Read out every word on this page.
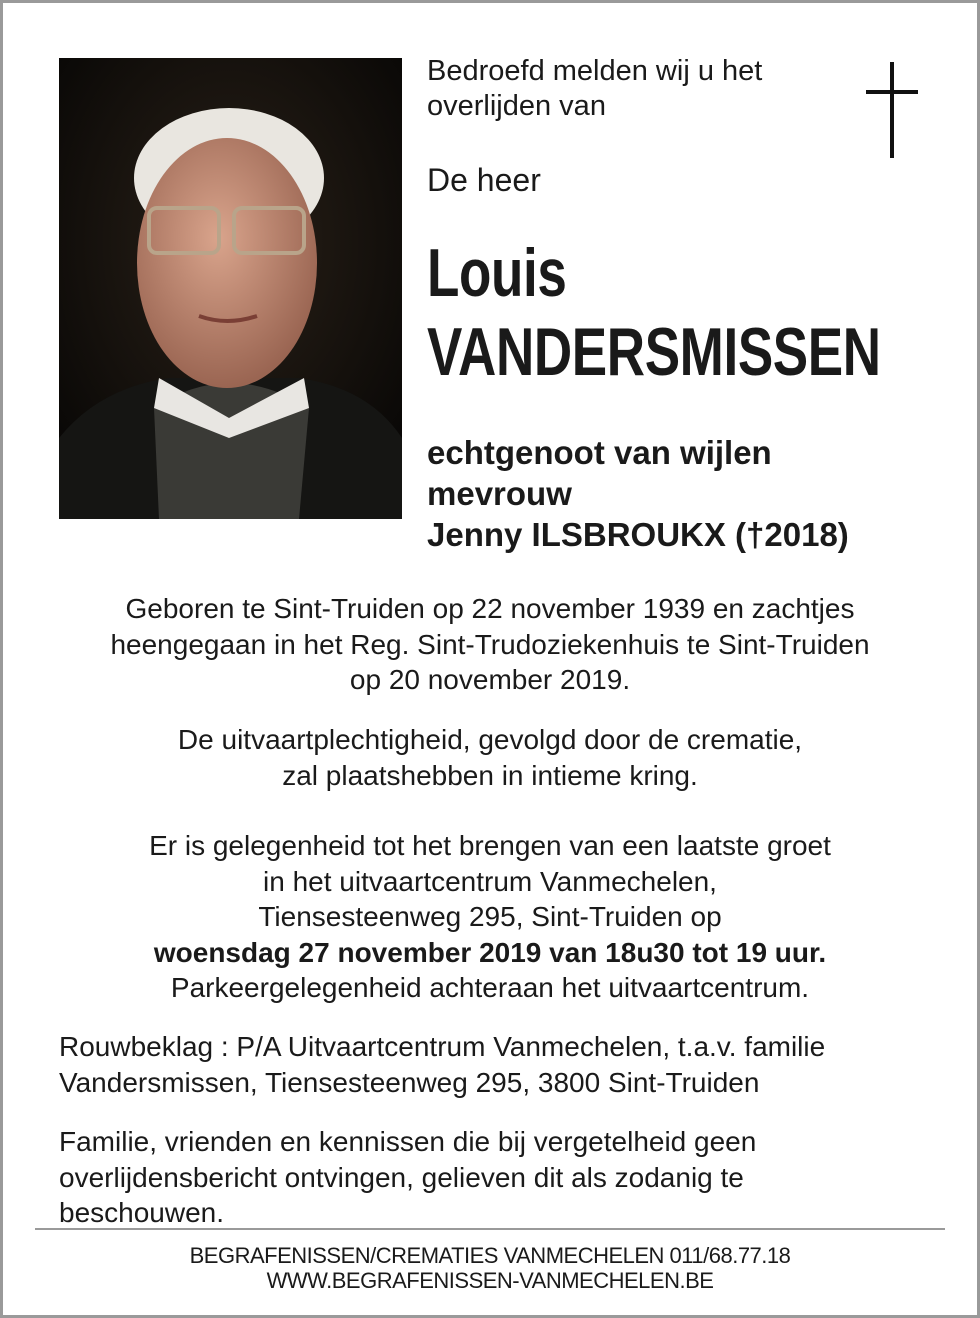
Bedroefd melden wij u het
overlijden van
De heer
Louis
VANDERSMISSEN
echtgenoot van wijlen
mevrouw
Jenny ILSBROUKX (†2018)
Geboren te Sint-Truiden op 22 november 1939 en zachtjes
heengegaan in het Reg. Sint-Trudoziekenhuis te Sint-Truiden
op 20 november 2019.
De uitvaartplechtigheid, gevolgd door de crematie,
zal plaatshebben in intieme kring.
Er is gelegenheid tot het brengen van een laatste groet
in het uitvaartcentrum Vanmechelen,
Tiensesteenweg 295, Sint-Truiden op
woensdag 27 november 2019 van 18u30 tot 19 uur.
Parkeergelegenheid achteraan het uitvaartcentrum.
Rouwbeklag : P/A Uitvaartcentrum Vanmechelen, t.a.v. familie
Vandersmissen, Tiensesteenweg 295, 3800 Sint-Truiden
Familie, vrienden en kennissen die bij vergetelheid geen
overlijdensbericht ontvingen, gelieven dit als zodanig te
beschouwen.
BEGRAFENISSEN/CREMATIES VANMECHELEN 011/68.77.18
WWW.BEGRAFENISSEN-VANMECHELEN.BE
